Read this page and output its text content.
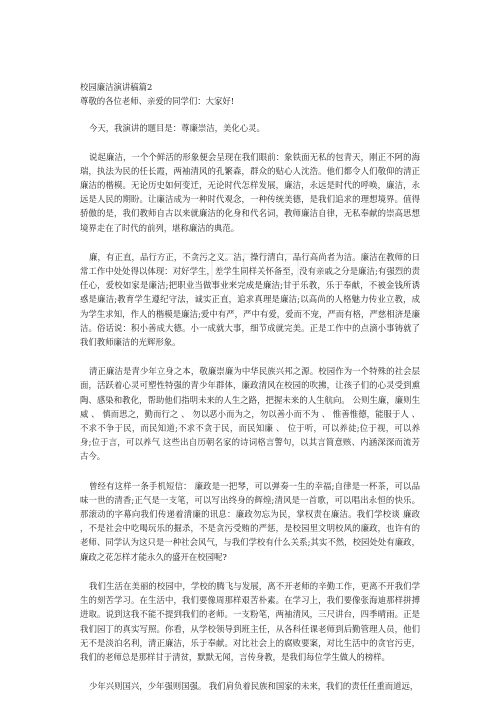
校园廉洁演讲稿篇2

尊敬的各位老师、亲爱的同学们：大家好!

今天，我演讲的题目是：尊廉崇洁，美化心灵。

说起廉洁，一个个鲜活的形象便会呈现在我们眼前：象铁面无私的包青天，刚正不阿的海瑞，执法为民的任长霞，两袖清风的孔繁森，群众的贴心人沈浩。他们都令人们敬仰的清正廉洁的楷模。无论历史如何变迁，无论时代怎样发展，廉洁，永远是时代的呼唤，廉洁，永远是人民的期盼。让廉洁成为一种时代观念，一种传统美德，是我们追求的理想境界。值得骄傲的是，我们教师自古以来就廉洁的化身和代名词，教师廉洁自律，无私奉献的崇高思想境界走在了时代的前列，堪称廉洁的典范。

廉，有正直，品行方正，不贪污之义。洁，操行清白，品行高尚者为洁。廉洁在教师的日常工作中处处得以体现：对好学生，差学生同样关怀备至，没有亲戚之分是廉洁;有强烈的责任心，爱校如家是廉洁;把职业当做事业来完成是廉洁;甘于乐教，乐于奉献，不被金钱所诱惑是廉洁;教育学生遵纪守法，诚实正直，追求真理是廉洁;以高尚的人格魅力传业立教，成为学生求知，作人的楷模是廉洁;爱中有严，严中有爱，爱而不宠，严而有格，严慈相济是廉洁。俗话说：积小善成大德。小一成就大事，细节成就完美。正是工作中的点滴小事铸就了我们教师廉洁的光辉形象。

清正廉洁是青少年立身之本，敬廉崇廉为中华民族兴邦之源。校园作为一个特殊的社会层面，活跃着心灵可塑性特强的青少年群体，廉政清风在校园的吹拂，让孩子们的心灵受到熏陶、感染和教化，帮助他们指明未来的人生之路，把握未来的人生航向。 公则生廉，廉则生威 、 慎而思之，勤而行之 、 勿以恶小而为之，勿以善小而不为 、 惟善惟德，能服于人 、 不求不争于民，而民知道;不求不贪于民，而民知廉 、 位于听，可以养徒;位于视，可以养身;位于言，可以养气 这些出自历朝名家的诗词格言警句，以其言简意赅、内涵深深而流芳古今。

曾经有这样一条手机短信： 廉政是一把琴，可以弹奏一生的幸福;自律是一杯茶，可以品味一世的清香;正气是一支笔，可以写出终身的辉煌;清风是一首歌，可以唱出永恒的快乐。那滚动的字幕向我们传递着清廉的讯息：廉政勿忘为民，掌权责在廉洁。我们学校谈 廉政 ，不是社会中吃喝玩乐的掘杀，不是贪污受贿的严惩，是校园里文明校风的廉政，也许有的老师、同学认为这只是一种社会风气，与我们学校有什么关系;其实不然，校园处处有廉政，廉政之花怎样才能永久的盛开在校园呢?

我们生活在美丽的校园中，学校的腾飞与发展，离不开老师的辛勤工作，更离不开我们学生的刻苦学习。在生活中，我们要像周那样艰苦朴素。在学习上，我们要像张海迪那样拼搏进取。说到这我不能不提到我们的老师。一支粉笔，两袖清风，三尺讲台，四季晴雨。正是我们园丁的真实写照。你看，从学校领导到班主任，从各科任课老师到后勤管理人员，他们无不是淡泊名利，清正廉洁，乐于奉献。对比社会上的腐败要案，对比生活中的贪官污吏，我们的老师总是那样甘于清贫，默默无闻，言传身教，是我们每位学生做人的榜样。

少年兴则国兴，少年强则国强。 我们肩负着民族和国家的未来，我们的责任任重而道远，
